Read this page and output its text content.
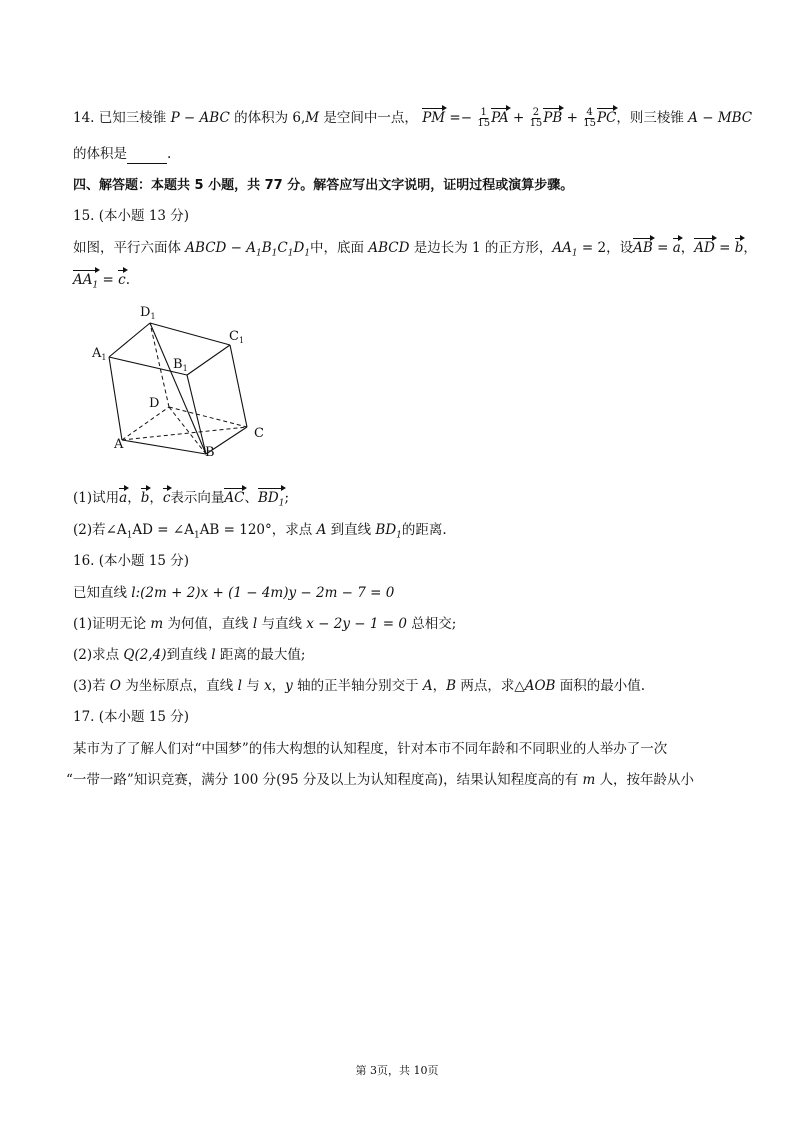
14. 已知三棱锥 P − ABC 的体积为 6,M 是空间中一点， PM =− $\frac{1}{15}$ PA + $\frac{2}{15}$ PB + $\frac{4}{15}$ PC，则三棱锥 A − MBC
的体积是	.
四、解答题：本题共 5 小题，共 77 分。解答应写出文字说明，证明过程或演算步骤。
15. (本小题 13 分)
如图，平行六面体 ABCD − $A_1B_1C_1D_1$中，底面 ABCD 是边长为 1 的正方形，$AA_1 = 2$，设AB = a，AD = b，
$AA_1 = c$.
$D_1$
$C_1$
$A_1$	$B_1$
D
A
B
C
(1)试用a，b，c表示向量AC、$BD_1$;
(2)若$\angle A_1AD$ = $\angle A_1AB = 120^\circ$，求点 A 到直线 $BD_1$的距离.
16. (本小题 15 分)
已知直线 l:(2m + 2)x + (1 − 4m)y − 2m − 7 = 0
(1)证明无论 m 为何值，直线 l 与直线 x − 2y − 1 = 0 总相交;
(2)求点 Q(2,4)到直线 l 距离的最大值;
(3)若 O 为坐标原点，直线 l 与 x，y 轴的正半轴分别交于 A，B 两点，求△AOB 面积的最小值.
17. (本小题 15 分)
某市为了了解人们对“中国梦”的伟大构想的认知程度，针对本市不同年龄和不同职业的人举办了一次
“一带一路”知识竞赛，满分 100 分(95 分及以上为认知程度高)，结果认知程度高的有 m 人，按年龄从小
第 3页，共 10页
